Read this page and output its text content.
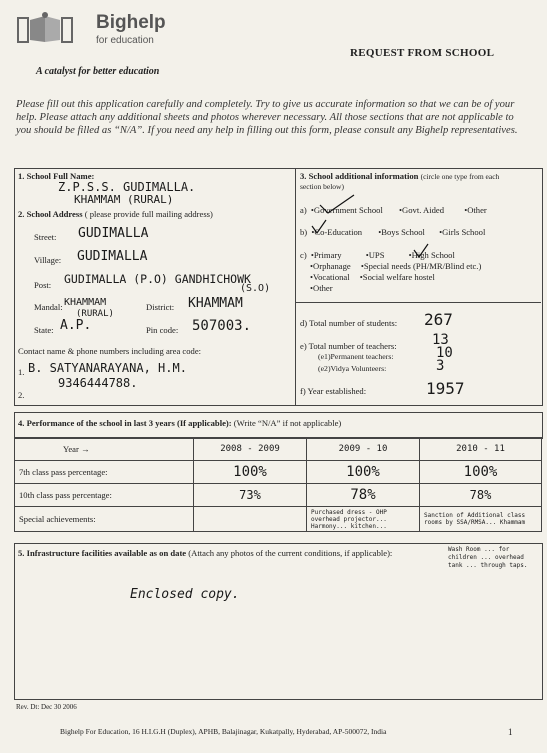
Bighelp
for education
A catalyst for better education
REQUEST FROM SCHOOL
Please fill out this application carefully and completely. Try to give us accurate information so that we can be of your help. Please attach any additional sheets and photos wherever necessary. All those sections that are not applicable to you should be filled as “N/A”. If you need any help in filling out this form, please consult any Bighelp representatives.
1. School Full Name:
Z.P.S.S. GUDIMALLA.
KHAMMAM (RURAL)
2. School Address ( please provide full mailing address)
Street: GUDIMALLA
Village: GUDIMALLA
Post: GUDIMALLA (P.O) GANDHICHOWK
(S.O)
Mandal: KHAMMAM
(RURAL)
District: KHAMMAM
State: A.P.	Pin code: 507003.
Contact name & phone numbers including area code:
1. B. SATYANARAYANA, H.M.
9346444788.
2.
3. School additional information (circle one type from each
section below)
a) •Government School •Govt. Aided •Other
b) •Co-Education •Boys School •Girls School
c) •Primary	•UPS	•High School
•Orphanage •Special needs (PH/MR/Blind etc.)
•Vocational •Social welfare hostel
•Other
d) Total number of students: 267
e) Total number of teachers:	13
(e1)Permanent teachers:	10
(e2)Vidya Volunteers:	3
f) Year established:	1957
4. Performance of the school in last 3 years (If applicable): (Write “N/A” if not applicable)
Year →	2008 - 2009	2009 - 10	2010 - 11
7th class pass percentage:	100%	100%	100%
10th class pass percentage:	73%	78%	78%
Special achievements:		Purchased dress - OHP overhead projector... Harmony... kitchen...	Sanction of Additional class rooms by SSA/RMSA... Khammam
5. Infrastructure facilities available as on date (Attach any photos of the current conditions, if applicable):	Wash Room ... for children ... overhead tank ... through taps.
Enclosed copy.
Rev. Dt: Dec 30 2006
Bighelp For Education, 16 H.I.G.H (Duplex), APHB, Balajinagar, Kukatpally, Hyderabad, AP-500072, India	1
